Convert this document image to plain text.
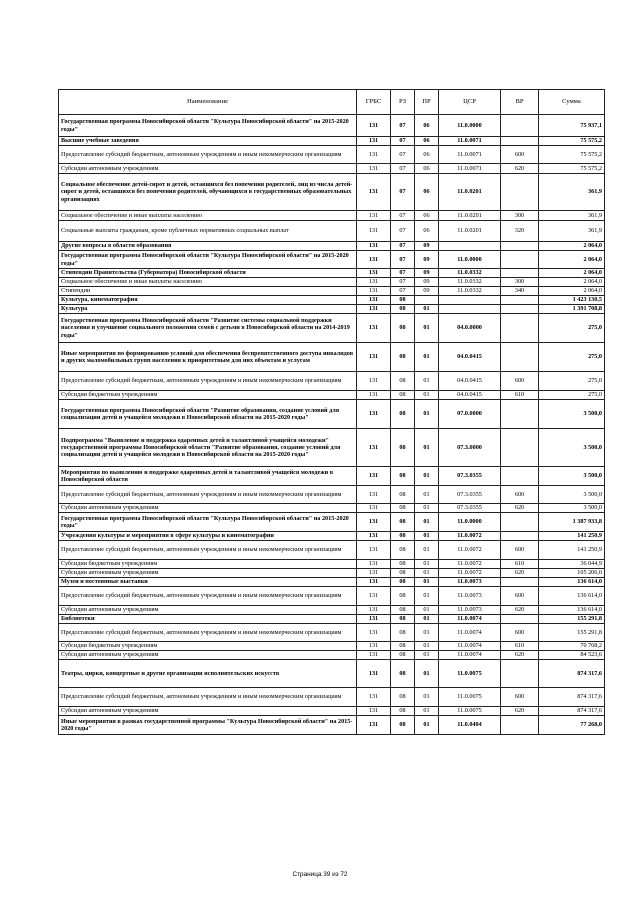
Наименование	ГРБС	РЗ	ПР	ЦСР	ВР	Сумма
Государственная программа Новосибирской области "Культура Новосибирской области" на 2015-2020 годы"	131	07	06	11.0.0000		75 937,1
Высшие учебные заведения	131	07	06	11.0.0071		75 575,2
Предоставление субсидий бюджетным, автономным учреждениям и иным некоммерческим организациям	131	07	06	11.0.0071	600	75 575,2
Субсидии автономным учреждениям	131	07	06	11.0.0071	620	75 575,2
Социальное обеспечение детей-сирот и детей, оставшихся без попечения родителей, лиц из числа детей-сирот и детей, оставшихся без попечения родителей, обучающихся в государственных образовательных организациях	131	07	06	11.0.0201		361,9
Социальное обеспечение и иные выплаты населению	131	07	06	11.0.0201	300	361,9
Социальные выплаты гражданам, кроме публичных нормативных социальных выплат	131	07	06	11.0.0201	320	361,9
Другие вопросы в области образования	131	07	09			2 064,0
Государственная программа Новосибирской области "Культура Новосибирской области" на 2015-2020 годы"	131	07	09	11.0.0000		2 064,0
Стипендии Правительства (Губернатора) Новосибирской области	131	07	09	11.0.0332		2 064,0
Социальное обеспечение и иные выплаты населению	131	07	09	11.0.0332	300	2 064,0
Стипендии	131	07	09	11.0.0332	340	2 064,0
Культура, кинематография	131	08				1 423 130,5
Культура	131	08	01			1 391 708,8
Государственная программа Новосибирской области "Развитие системы социальной поддержки населения и улучшение социального положения семей с детьми в Новосибирской области на 2014-2019 годы"	131	08	01	04.0.0000		275,0
Иные мероприятия по формированию условий для обеспечения беспрепятственного доступа инвалидов и других маломобильных групп населения к приоритетным для них объектам и услугам	131	08	01	04.0.0415		275,0
Предоставление субсидий бюджетным, автономным учреждениям и иным некоммерческим организациям	131	08	01	04.0.0415	600	275,0
Субсидии бюджетным учреждениям	131	08	01	04.0.0415	610	275,0
Государственная программа Новосибирской области "Развитие образования, создание условий для социализации детей и учащейся молодежи в Новосибирской области на 2015-2020 годы"	131	08	01	07.0.0000		3 500,0
Подпрограмма "Выявление и поддержка одаренных детей и талантливой учащейся молодежи" государственной программы Новосибирской области "Развитие образования, создание условий для социализации детей и учащейся молодежи в Новосибирской области на 2015-2020 годы"	131	08	01	07.3.0000		3 500,0
Мероприятия по выявлению и поддержке одаренных детей и талантливой учащейся молодежи в Новосибирской области	131	08	01	07.3.0355		3 500,0
Предоставление субсидий бюджетным, автономным учреждениям и иным некоммерческим организациям	131	08	01	07.3.0355	600	3 500,0
Субсидии автономным учреждениям	131	08	01	07.3.0355	620	3 500,0
Государственная программа Новосибирской области "Культура Новосибирской области" на 2015-2020 годы"	131	08	01	11.0.0000		1 387 933,8
Учреждения культуры и мероприятия в сфере культуры и кинематографии	131	08	01	11.0.0072		141 250,9
Предоставление субсидий бюджетным, автономным учреждениям и иным некоммерческим организациям	131	08	01	11.0.0072	600	141 250,9
Субсидии бюджетным учреждениям	131	08	01	11.0.0072	610	36 044,9
Субсидии автономным учреждениям	131	08	01	11.0.0072	620	105 206,0
Музеи и постоянные выставки	131	08	01	11.0.0073		136 614,0
Предоставление субсидий бюджетным, автономным учреждениям и иным некоммерческим организациям	131	08	01	11.0.0073	600	136 614,0
Субсидии автономным учреждениям	131	08	01	11.0.0073	620	136 614,0
Библиотеки	131	08	01	11.0.0074		155 291,8
Предоставление субсидий бюджетным, автономным учреждениям и иным некоммерческим организациям	131	08	01	11.0.0074	600	155 291,8
Субсидии бюджетным учреждениям	131	08	01	11.0.0074	610	70 768,2
Субсидии автономным учреждениям	131	08	01	11.0.0074	620	84 523,6
Театры, цирки, концертные и другие организации исполнительских искусств	131	08	01	11.0.0075		874 317,6
Предоставление субсидий бюджетным, автономным учреждениям и иным некоммерческим организациям	131	08	01	11.0.0075	600	874 317,6
Субсидии автономным учреждениям	131	08	01	11.0.0075	620	874 317,6
Иные мероприятия в рамках государственной программы "Культура Новосибирской области" на 2015-2020 годы"	131	08	01	11.0.0404		77 268,0
Страница 39 из 72
